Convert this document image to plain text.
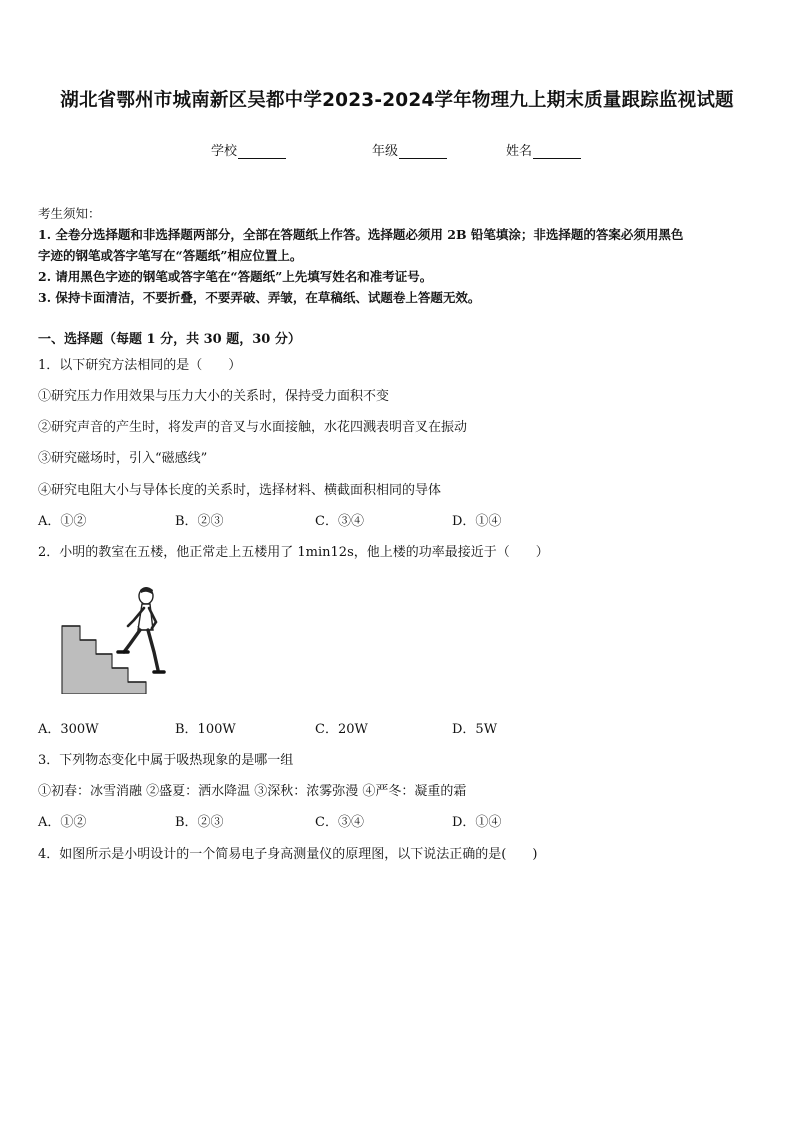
湖北省鄂州市城南新区吴都中学2023-2024学年物理九上期末质量跟踪监视试题
学校	年级	姓名
考生须知：
1. 全卷分选择题和非选择题两部分，全部在答题纸上作答。选择题必须用 2B 铅笔填涂；非选择题的答案必须用黑色
字迹的钢笔或答字笔写在“答题纸”相应位置上。
2. 请用黑色字迹的钢笔或答字笔在“答题纸”上先填写姓名和准考证号。
3. 保持卡面清洁，不要折叠，不要弄破、弄皱，在草稿纸、试题卷上答题无效。
一、选择题（每题 1 分，共 30 题，30 分）
1．以下研究方法相同的是（　　）
①研究压力作用效果与压力大小的关系时，保持受力面积不变
②研究声音的产生时，将发声的音叉与水面接触，水花四溅表明音叉在振动
③研究磁场时，引入“磁感线”
④研究电阻大小与导体长度的关系时，选择材料、横截面积相同的导体
A．①②	B．②③	C．③④	D．①④
2．小明的教室在五楼，他正常走上五楼用了 1min12s，他上楼的功率最接近于（　　）
A．300W	B．100W	C．20W	D．5W
3．下列物态变化中属于吸热现象的是哪一组
①初春：冰雪消融 ②盛夏：洒水降温 ③深秋：浓雾弥漫 ④严冬：凝重的霜
A．①②	B．②③	C．③④	D．①④
4．如图所示是小明设计的一个简易电子身高测量仪的原理图，以下说法正确的是(　　)
